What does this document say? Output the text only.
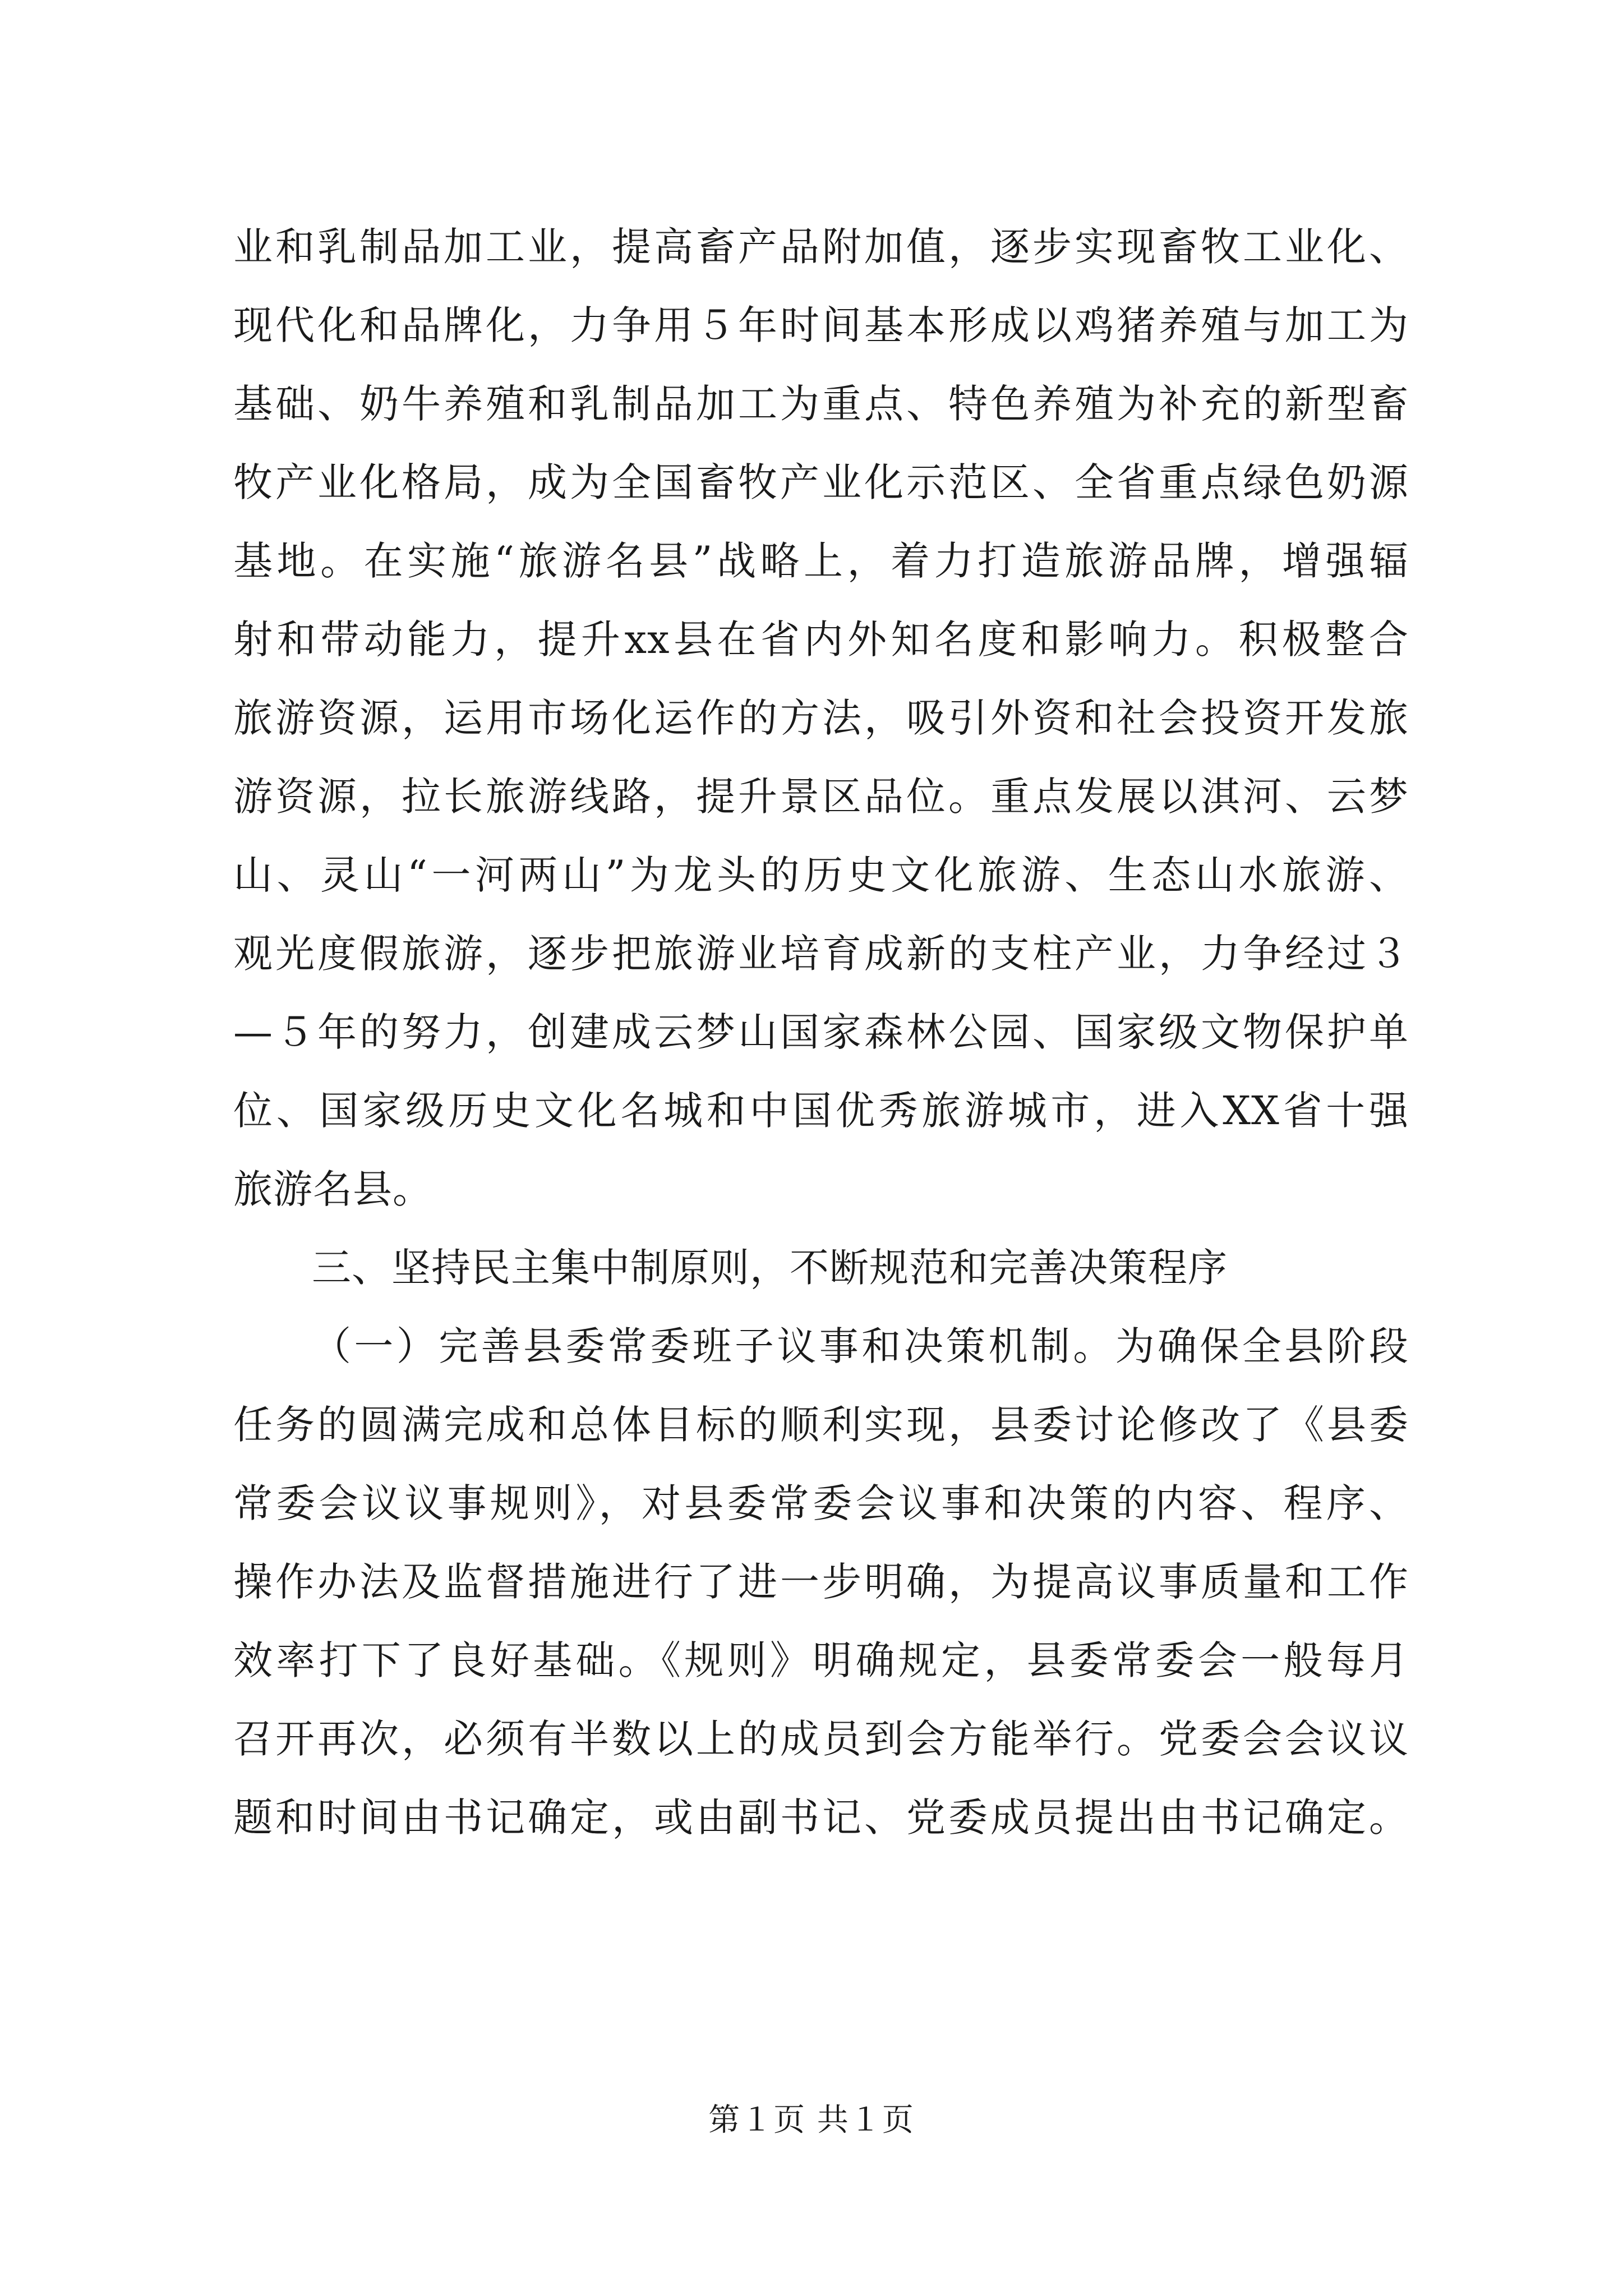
业和乳制品加工业，提高畜产品附加值，逐步实现畜牧工业化、
现代化和品牌化，力争用５年时间基本形成以鸡猪养殖与加工为
基础、奶牛养殖和乳制品加工为重点、特色养殖为补充的新型畜
牧产业化格局，成为全国畜牧产业化示范区、全省重点绿色奶源
基地。在实施“旅游名县”战略上，着力打造旅游品牌，增强辐
射和带动能力，提升xx县在省内外知名度和影响力。积极整合
旅游资源，运用市场化运作的方法，吸引外资和社会投资开发旅
游资源，拉长旅游线路，提升景区品位。重点发展以淇河、云梦
山、灵山“一河两山”为龙头的历史文化旅游、生态山水旅游、
观光度假旅游，逐步把旅游业培育成新的支柱产业，力争经过３
—５年的努力，创建成云梦山国家森林公园、国家级文物保护单
位、国家级历史文化名城和中国优秀旅游城市，进入XX省十强
旅游名县。
三、坚持民主集中制原则，不断规范和完善决策程序
（一）完善县委常委班子议事和决策机制。为确保全县阶段
任务的圆满完成和总体目标的顺利实现，县委讨论修改了《县委
常委会议议事规则》，对县委常委会议事和决策的内容、程序、
操作办法及监督措施进行了进一步明确，为提高议事质量和工作
效率打下了良好基础。《规则》明确规定，县委常委会一般每月
召开再次，必须有半数以上的成员到会方能举行。党委会会议议
题和时间由书记确定，或由副书记、党委成员提出由书记确定。
第１页 共１页
